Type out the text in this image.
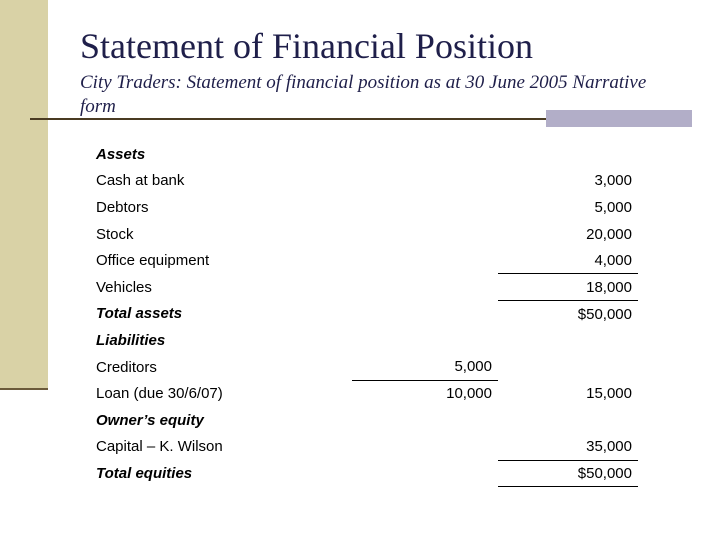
Statement of Financial Position
City Traders: Statement of financial position as at 30 June 2005 Narrative form
Assets		
Cash at bank		3,000
Debtors		5,000
Stock		20,000
Office equipment		4,000
Vehicles		18,000
Total assets		$50,000
Liabilities		
Creditors	5,000	
Loan (due 30/6/07)	10,000	15,000
Owner’s equity		
Capital – K. Wilson		35,000
Total equities		$50,000
